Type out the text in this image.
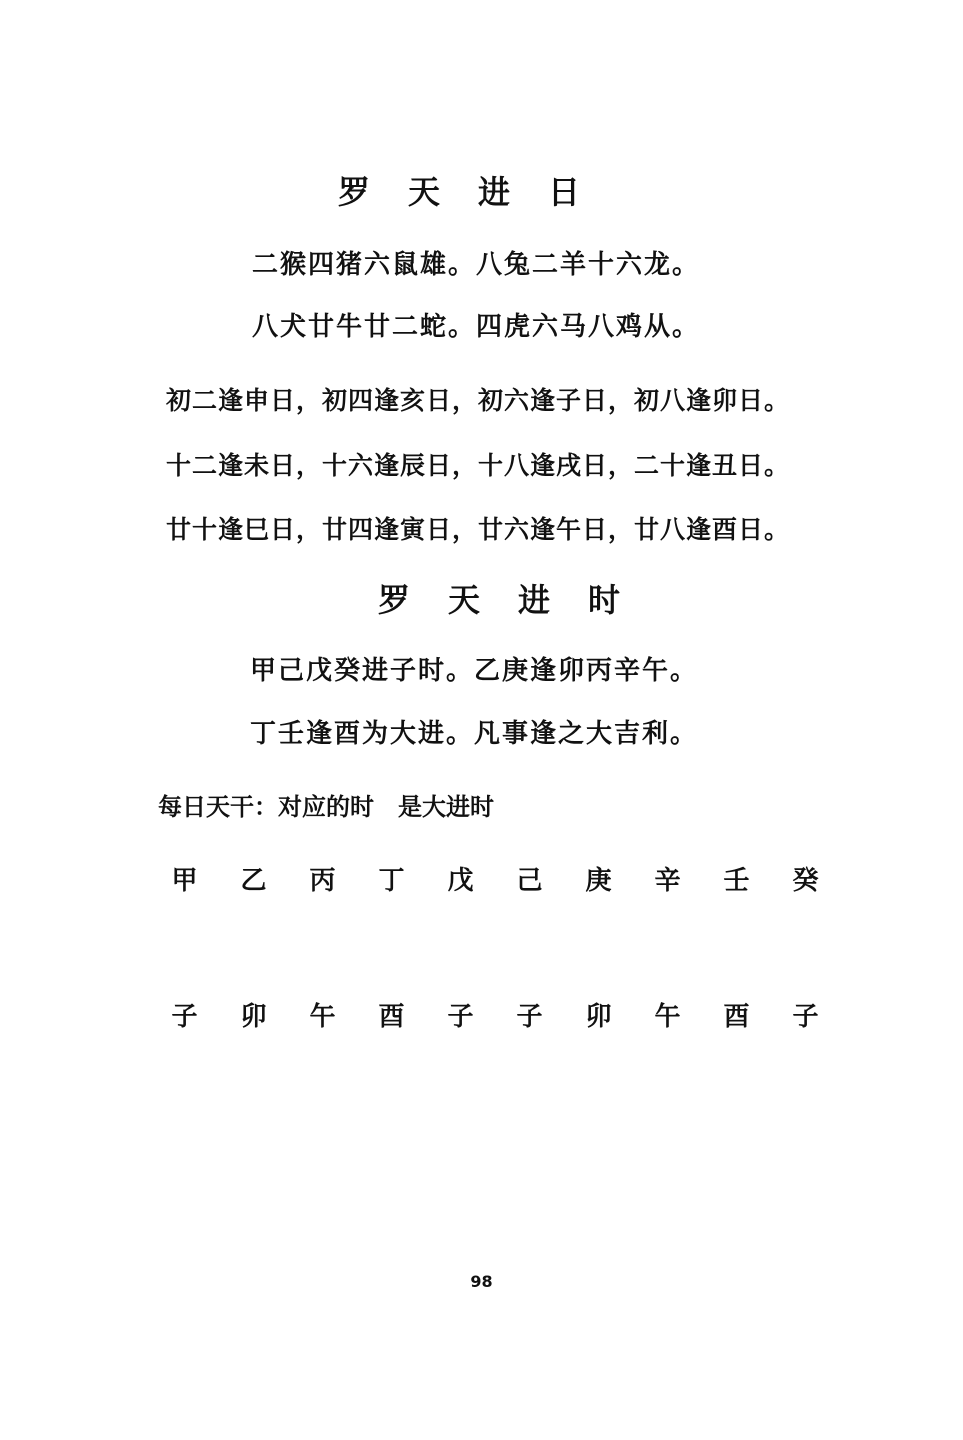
罗天进日
二猴四猪六鼠雄。八兔二羊十六龙。
八犬廿牛廿二蛇。四虎六马八鸡从。
初二逢申日，初四逢亥日，初六逢子日，初八逢卯日。
十二逢未日，十六逢辰日，十八逢戌日，二十逢丑日。
廿十逢巳日，廿四逢寅日，廿六逢午日，廿八逢酉日。
罗天进时
甲己戊癸进子时。乙庚逢卯丙辛午。
丁壬逢酉为大进。凡事逢之大吉利。
每日天干：对应的时　是大进时
甲	乙	丙	丁	戊	己	庚	辛	壬	癸
子	卯	午	酉	子	子	卯	午	酉	子
98
